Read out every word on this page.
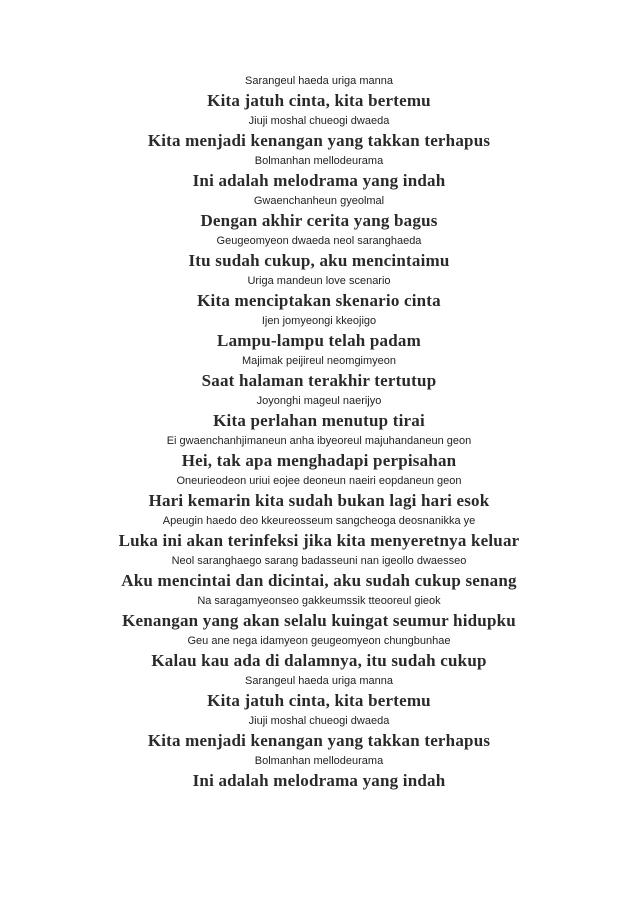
Sarangeul haeda uriga manna

Kita jatuh cinta, kita bertemu

Jiuji moshal chueogi dwaeda

Kita menjadi kenangan yang takkan terhapus

Bolmanhan mellodeurama

Ini adalah melodrama yang indah

Gwaenchanheun gyeolmal

Dengan akhir cerita yang bagus

Geugeomyeon dwaeda neol saranghaeda

Itu sudah cukup, aku mencintaimu

Uriga mandeun love scenario

Kita menciptakan skenario cinta

Ijen jomyeongi kkeojigo

Lampu-lampu telah padam

Majimak peijireul neomgimyeon

Saat halaman terakhir tertutup

Joyonghi mageul naerijyo

Kita perlahan menutup tirai

Ei gwaenchanhjimaneun anha ibyeoreul majuhandaneun geon

Hei, tak apa menghadapi perpisahan

Oneurieodeon uriui eojee deoneun naeiri eopdaneun geon

Hari kemarin kita sudah bukan lagi hari esok

Apeugin haedo deo kkeureosseum sangcheoga deosnanikka ye

Luka ini akan terinfeksi jika kita menyeretnya keluar

Neol saranghaego sarang badasseuni nan igeollo dwaesseo

Aku mencintai dan dicintai, aku sudah cukup senang

Na saragamyeonseo gakkeumssik tteooreul gieok

Kenangan yang akan selalu kuingat seumur hidupku

Geu ane nega idamyeon geugeomyeon chungbunhae

Kalau kau ada di dalamnya, itu sudah cukup

Sarangeul haeda uriga manna

Kita jatuh cinta, kita bertemu

Jiuji moshal chueogi dwaeda

Kita menjadi kenangan yang takkan terhapus

Bolmanhan mellodeurama

Ini adalah melodrama yang indah
